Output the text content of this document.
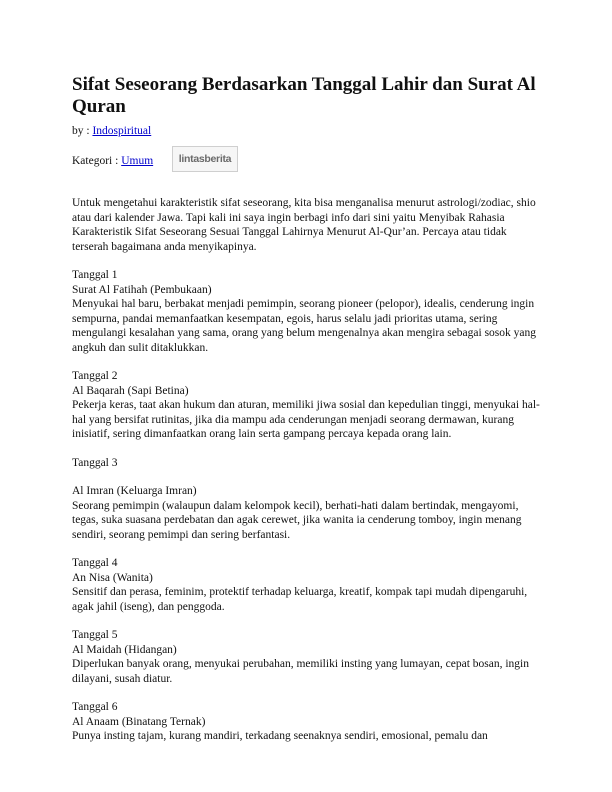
Sifat Seseorang Berdasarkan Tanggal Lahir dan Surat Al Quran

by : Indospiritual

Kategori : Umum lintasberita

Untuk mengetahui karakteristik sifat seseorang, kita bisa menganalisa menurut astrologi/zodiac, shio atau dari kalender Jawa. Tapi kali ini saya ingin berbagi info dari sini yaitu Menyibak Rahasia Karakteristik Sifat Seseorang Sesuai Tanggal Lahirnya Menurut Al-Qur’an. Percaya atau tidak terserah bagaimana anda menyikapinya.

Tanggal 1

Surat Al Fatihah (Pembukaan)

Menyukai hal baru, berbakat menjadi pemimpin, seorang pioneer (pelopor), idealis, cenderung ingin sempurna, pandai memanfaatkan kesempatan, egois, harus selalu jadi prioritas utama, sering mengulangi kesalahan yang sama, orang yang belum mengenalnya akan mengira sebagai sosok yang angkuh dan sulit ditaklukkan.

Tanggal 2

Al Baqarah (Sapi Betina)

Pekerja keras, taat akan hukum dan aturan, memiliki jiwa sosial dan kepedulian tinggi, menyukai hal-hal yang bersifat rutinitas, jika dia mampu ada cenderungan menjadi seorang dermawan, kurang inisiatif, sering dimanfaatkan orang lain serta gampang percaya kepada orang lain.

Tanggal 3

Al Imran (Keluarga Imran)

Seorang pemimpin (walaupun dalam kelompok kecil), berhati-hati dalam bertindak, mengayomi, tegas, suka suasana perdebatan dan agak cerewet, jika wanita ia cenderung tomboy, ingin menang sendiri, seorang pemimpi dan sering berfantasi.

Tanggal 4

An Nisa (Wanita)

Sensitif dan perasa, feminim, protektif terhadap keluarga, kreatif, kompak tapi mudah dipengaruhi, agak jahil (iseng), dan penggoda.

Tanggal 5

Al Maidah (Hidangan)

Diperlukan banyak orang, menyukai perubahan, memiliki insting yang lumayan, cepat bosan, ingin dilayani, susah diatur.

Tanggal 6

Al Anaam (Binatang Ternak)

Punya insting tajam, kurang mandiri, terkadang seenaknya sendiri, emosional, pemalu dan
